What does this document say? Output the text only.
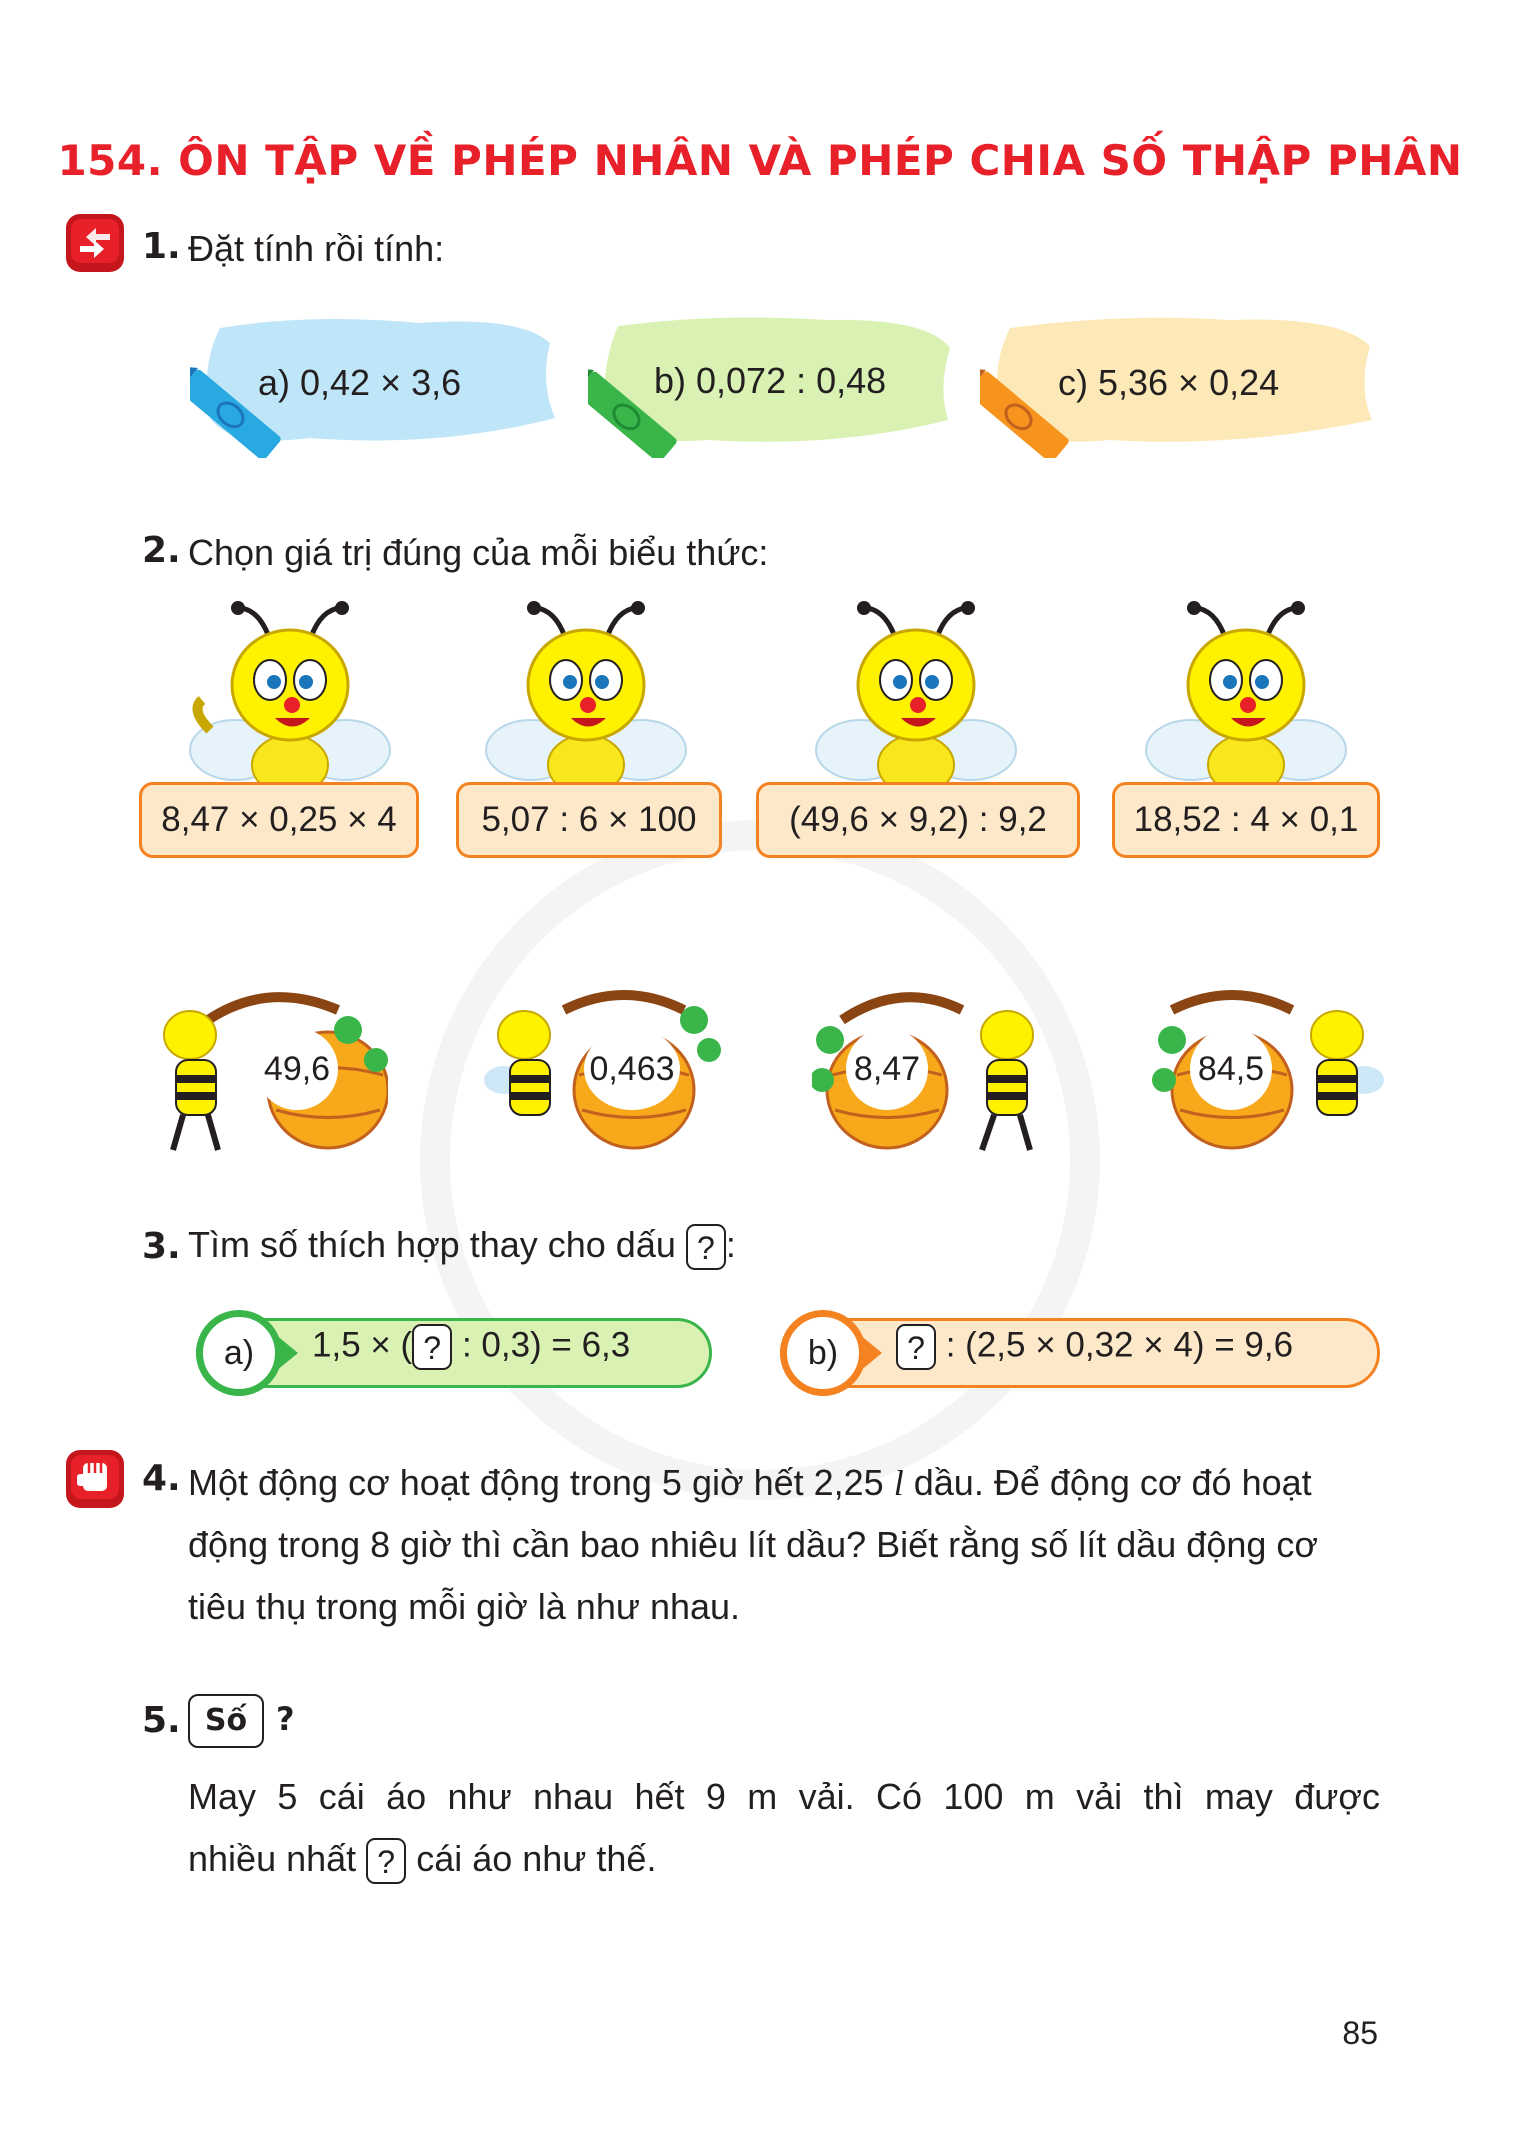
154. ÔN TẬP VỀ PHÉP NHÂN VÀ PHÉP CHIA SỐ THẬP PHÂN
1. Đặt tính rồi tính:
a) 0,42 × 3,6	b) 0,072 : 0,48	c) 5,36 × 0,24
2. Chọn giá trị đúng của mỗi biểu thức:
8,47 × 0,25 × 4	5,07 : 6 × 100	(49,6 × 9,2) : 9,2	18,52 : 4 × 0,1
49,6	0,463	8,47	84,5
3. Tìm số thích hợp thay cho dấu ? :
a)	1,5 × ( ? : 0,3) = 6,3	b)	? : (2,5 × 0,32 × 4) = 9,6
4. Một động cơ hoạt động trong 5 giờ hết 2,25 l dầu. Để động cơ đó hoạt
động trong 8 giờ thì cần bao nhiêu lít dầu? Biết rằng số lít dầu động cơ
tiêu thụ trong mỗi giờ là như nhau.
5. Số ?
May 5 cái áo như nhau hết 9 m vải. Có 100 m vải thì may được
nhiều nhất ? cái áo như thế.
85
